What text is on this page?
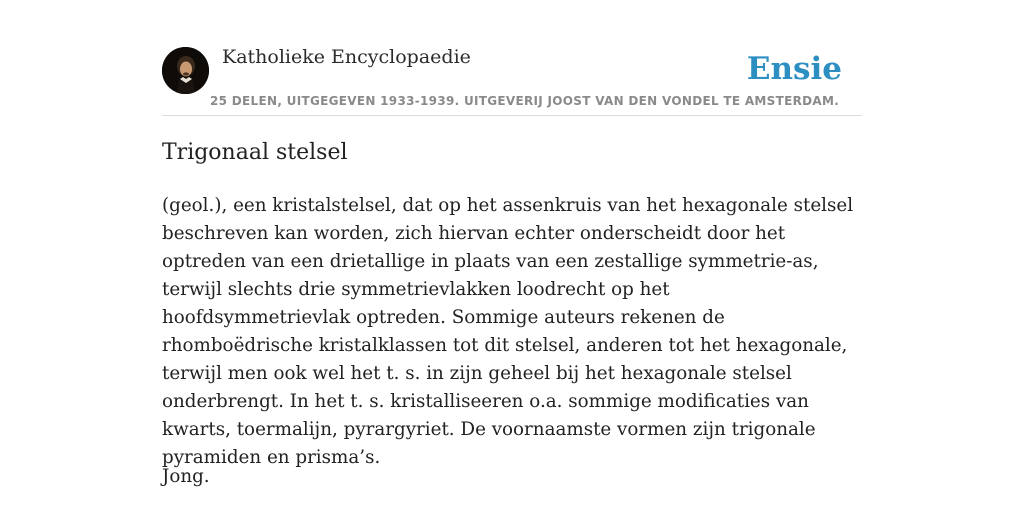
Katholieke Encyclopaedie
25 DELEN, UITGEGEVEN 1933-1939. UITGEVERIJ JOOST VAN DEN VONDEL TE AMSTERDAM.
Ensie
Trigonaal stelsel

(geol.), een kristalstelsel, dat op het assenkruis van het hexagonale stelsel beschreven kan worden, zich hiervan echter onderscheidt door het optreden van een drietallige in plaats van een zestallige symmetrie-as, terwijl slechts drie symmetrievlakken loodrecht op het hoofdsymmetrievlak optreden. Sommige auteurs rekenen de rhomboëdrische kristalklassen tot dit stelsel, anderen tot het hexagonale, terwijl men ook wel het t. s. in zijn geheel bij het hexagonale stelsel onderbrengt. In het t. s. kristalliseeren o.a. sommige modificaties van kwarts, toermalijn, pyrargyriet. De voornaamste vormen zijn trigonale pyramiden en prisma’s.

Jong.
